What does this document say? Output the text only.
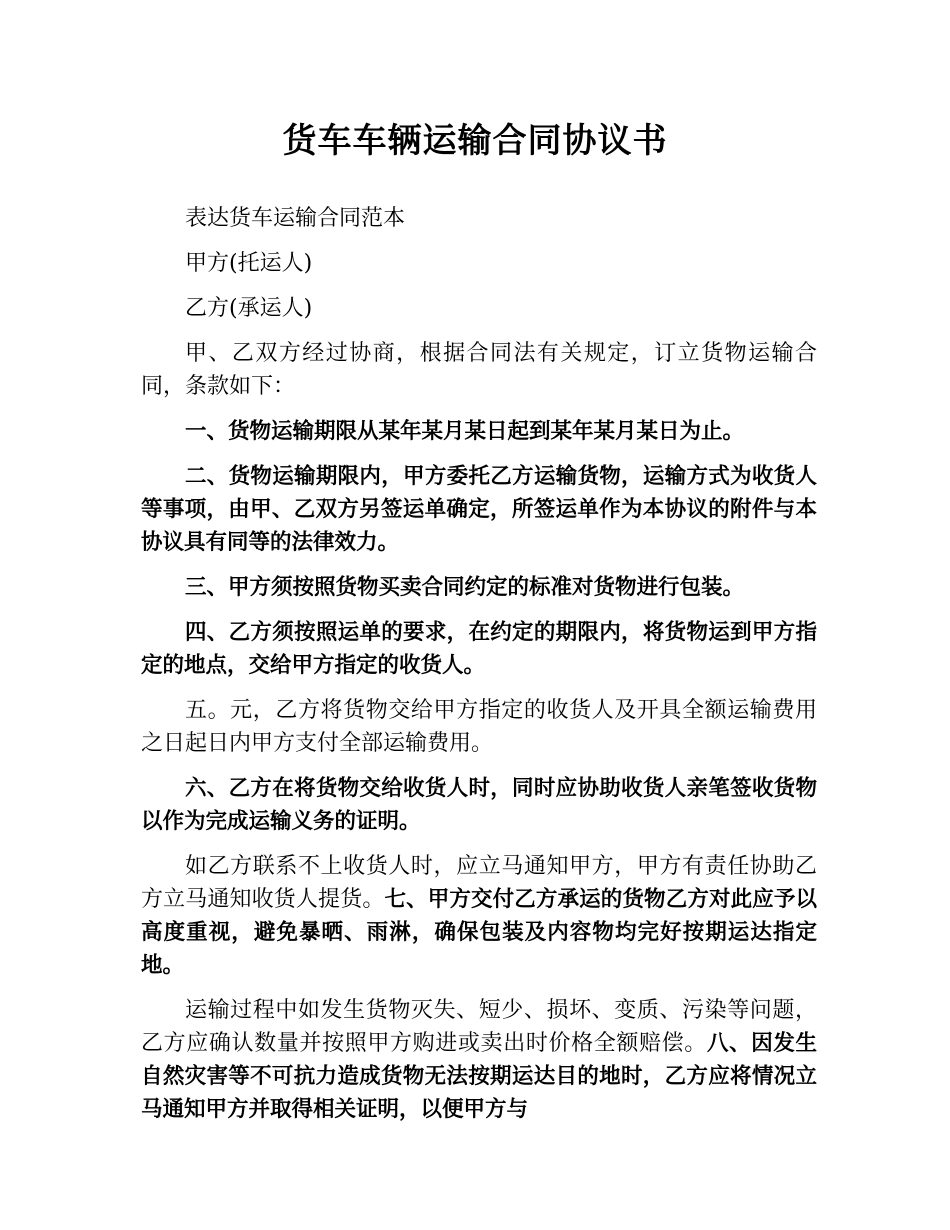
货车车辆运输合同协议书

表达货车运输合同范本

甲方(托运人)

乙方(承运人)

甲、乙双方经过协商，根据合同法有关规定，订立货物运输合同，条款如下：

一、货物运输期限从某年某月某日起到某年某月某日为止。

二、货物运输期限内，甲方委托乙方运输货物，运输方式为收货人等事项，由甲、乙双方另签运单确定，所签运单作为本协议的附件与本协议具有同等的法律效力。

三、甲方须按照货物买卖合同约定的标准对货物进行包装。

四、乙方须按照运单的要求，在约定的期限内，将货物运到甲方指定的地点，交给甲方指定的收货人。

五。元，乙方将货物交给甲方指定的收货人及开具全额运输费用之日起日内甲方支付全部运输费用。

六、乙方在将货物交给收货人时，同时应协助收货人亲笔签收货物以作为完成运输义务的证明。

如乙方联系不上收货人时，应立马通知甲方，甲方有责任协助乙方立马通知收货人提货。七、甲方交付乙方承运的货物乙方对此应予以高度重视，避免暴晒、雨淋，确保包装及内容物均完好按期运达指定地。

运输过程中如发生货物灭失、短少、损坏、变质、污染等问题，乙方应确认数量并按照甲方购进或卖出时价格全额赔偿。八、因发生自然灾害等不可抗力造成货物无法按期运达目的地时，乙方应将情况立马通知甲方并取得相关证明，以便甲方与
